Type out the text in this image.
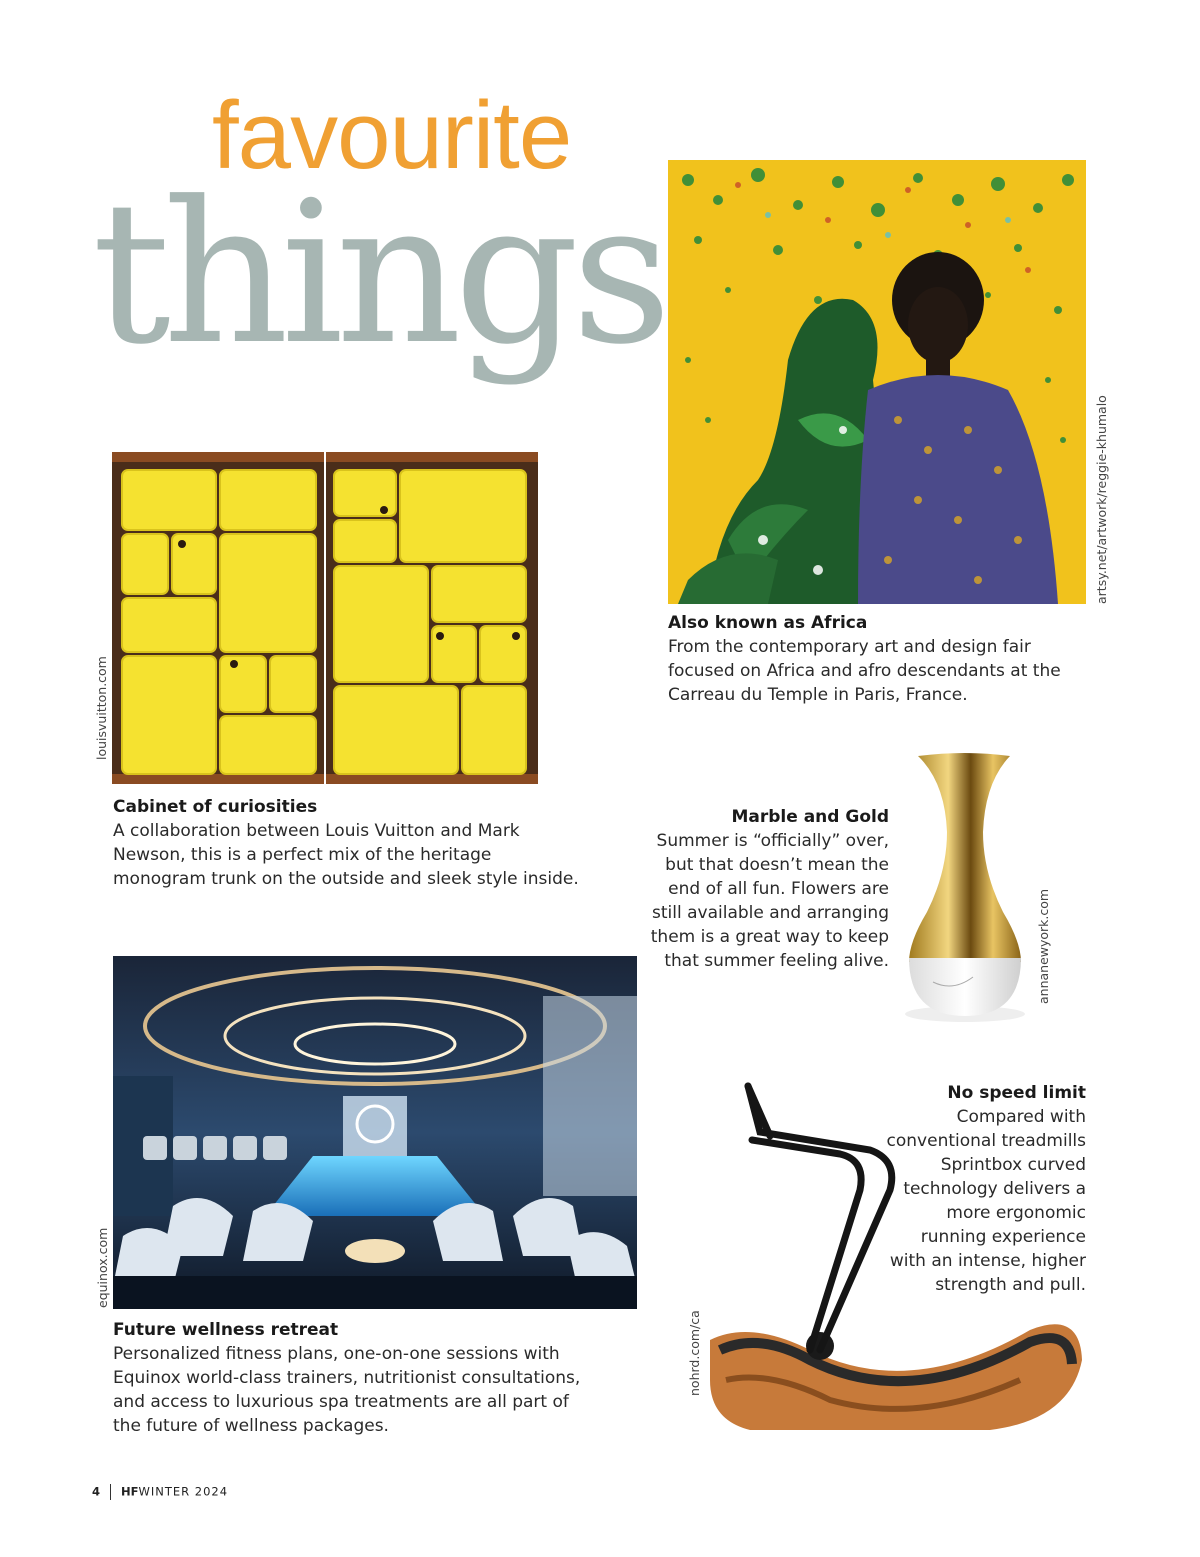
favourite
things
artsy.net/artwork/reggie-khumalo
Also known as Africa
From the contemporary art and design fair focused on Africa and afro descendants at the Carreau du Temple in Paris, France.
louisvuitton.com
Cabinet of curiosities
A collaboration between Louis Vuitton and Mark Newson, this is a perfect mix of the heritage monogram trunk on the outside and sleek style inside.
Marble and Gold
Summer is “officially” over, but that doesn’t mean the end of all fun. Flowers are still available and arranging them is a great way to keep that summer feeling alive.	annanewyork.com
equinox.com
Future wellness retreat
Personalized fitness plans, one-on-one sessions with Equinox world-class trainers, nutritionist consultations, and access to luxurious spa treatments are all part of the future of wellness packages.
nohrd.com/ca
No speed limit
Compared with conventional treadmills Sprintbox curved technology delivers a more ergonomic running experience with an intense, higher strength and pull.
4 HFWINTER 2024
